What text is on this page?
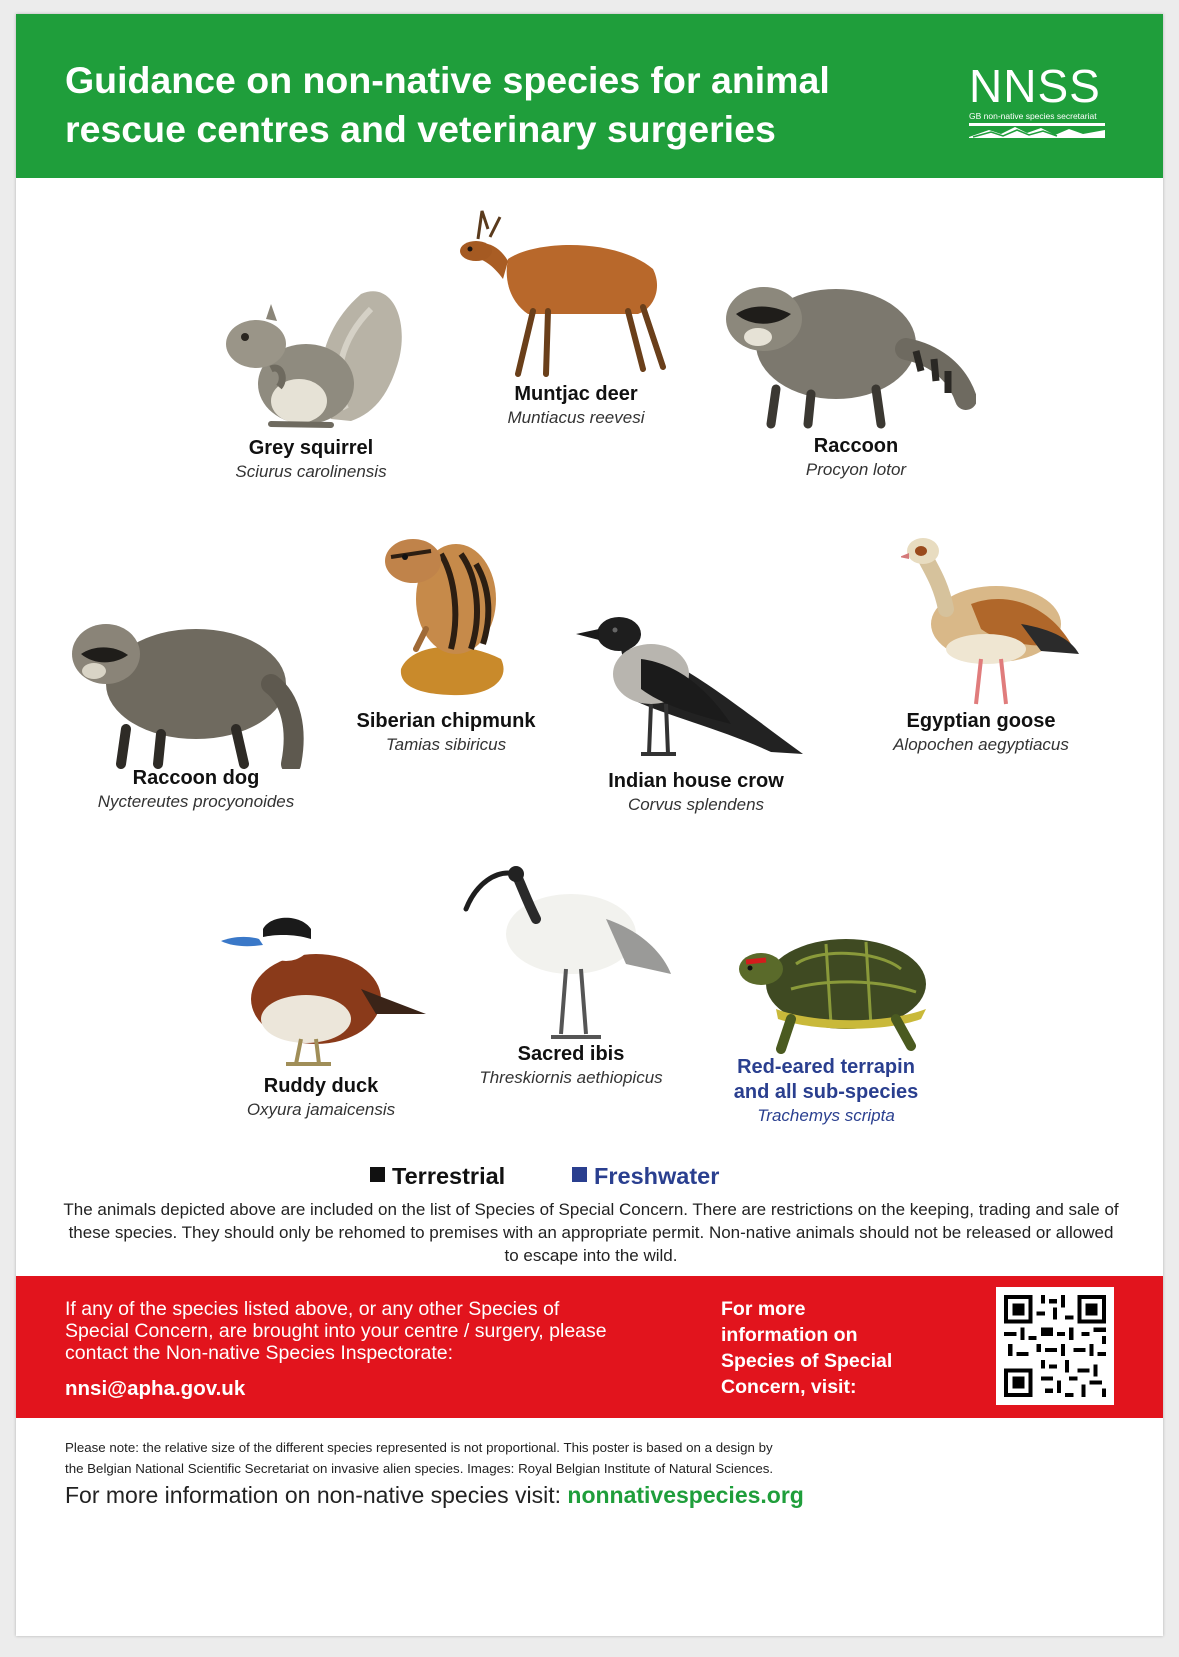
Guidance on non-native species for animal
rescue centres and veterinary surgeries
NNSS
GB non-native species secretariat
Grey squirrel
Sciurus carolinensis
Muntjac deer
Muntiacus reevesi
Raccoon
Procyon lotor
Raccoon dog
Nyctereutes procyonoides
Siberian chipmunk
Tamias sibiricus
Indian house crow
Corvus splendens
Egyptian goose
Alopochen aegyptiacus
Ruddy duck
Oxyura jamaicensis
Sacred ibis
Threskiornis aethiopicus	Red-eared terrapin
and all sub-species
Trachemys scripta
Terrestrial	Freshwater

The animals depicted above are included on the list of Species of Special Concern. There are restrictions on the keeping, trading and sale of these species. They should only be rehomed to premises with an appropriate permit. Non-native animals should not be released or allowed to escape into the wild.

If any of the species listed above, or any other Species of
Special Concern, are brought into your centre / surgery, please
contact the Non-native Species Inspectorate:

nnsi@apha.gov.uk
For more
information on
Species of Special
Concern, visit:

Please note: the relative size of the different species represented is not proportional. This poster is based on a design by
the Belgian National Scientific Secretariat on invasive alien species. Images: Royal Belgian Institute of Natural Sciences.

For more information on non-native species visit: nonnativespecies.org
